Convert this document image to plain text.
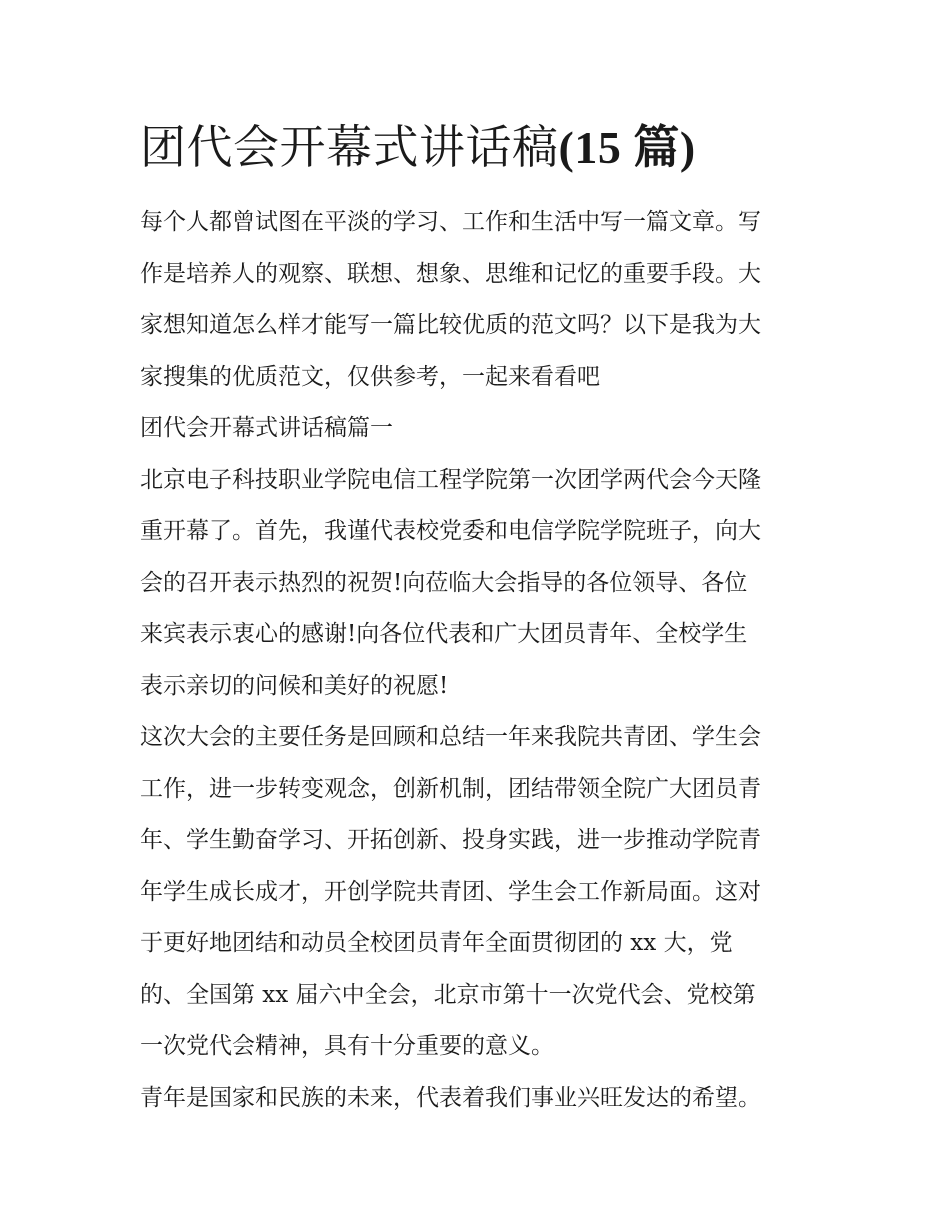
团代会开幕式讲话稿(15 篇)

每个人都曾试图在平淡的学习、工作和生活中写一篇文章。写

作是培养人的观察、联想、想象、思维和记忆的重要手段。大

家想知道怎么样才能写一篇比较优质的范文吗？以下是我为大

家搜集的优质范文，仅供参考，一起来看看吧

团代会开幕式讲话稿篇一

北京电子科技职业学院电信工程学院第一次团学两代会今天隆

重开幕了。首先，我谨代表校党委和电信学院学院班子，向大

会的召开表示热烈的祝贺!向莅临大会指导的各位领导、各位

来宾表示衷心的感谢!向各位代表和广大团员青年、全校学生

表示亲切的问候和美好的祝愿!

这次大会的主要任务是回顾和总结一年来我院共青团、学生会

工作，进一步转变观念，创新机制，团结带领全院广大团员青

年、学生勤奋学习、开拓创新、投身实践，进一步推动学院青

年学生成长成才，开创学院共青团、学生会工作新局面。这对

于更好地团结和动员全校团员青年全面贯彻团的 xx 大，党

的、全国第 xx 届六中全会，北京市第十一次党代会、党校第

一次党代会精神，具有十分重要的意义。

青年是国家和民族的未来，代表着我们事业兴旺发达的希望。
